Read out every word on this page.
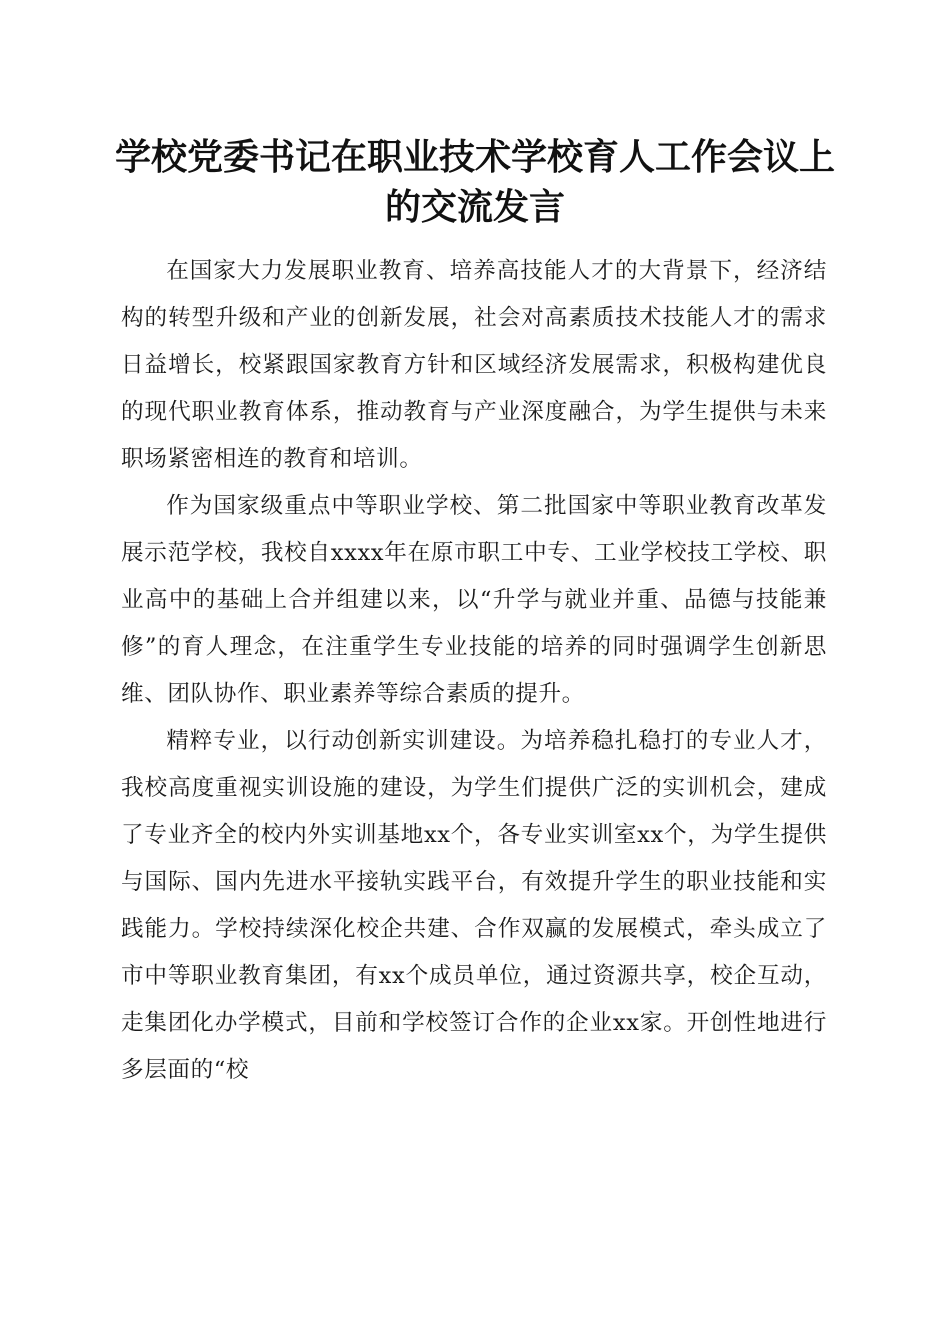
学校党委书记在职业技术学校育人工作会议上的交流发言

在国家大力发展职业教育、培养高技能人才的大背景下，经济结构的转型升级和产业的创新发展，社会对高素质技术技能人才的需求日益增长，校紧跟国家教育方针和区域经济发展需求，积极构建优良的现代职业教育体系，推动教育与产业深度融合，为学生提供与未来职场紧密相连的教育和培训。

作为国家级重点中等职业学校、第二批国家中等职业教育改革发展示范学校，我校自xxxx年在原市职工中专、工业学校技工学校、职业高中的基础上合并组建以来，以“升学与就业并重、品德与技能兼修”的育人理念，在注重学生专业技能的培养的同时强调学生创新思维、团队协作、职业素养等综合素质的提升。

精粹专业，以行动创新实训建设。为培养稳扎稳打的专业人才，我校高度重视实训设施的建设，为学生们提供广泛的实训机会，建成了专业齐全的校内外实训基地xx个，各专业实训室xx个，为学生提供与国际、国内先进水平接轨实践平台，有效提升学生的职业技能和实践能力。学校持续深化校企共建、合作双赢的发展模式，牵头成立了市中等职业教育集团，有xx个成员单位，通过资源共享，校企互动，走集团化办学模式，目前和学校签订合作的企业xx家。开创性地进行多层面的“校
